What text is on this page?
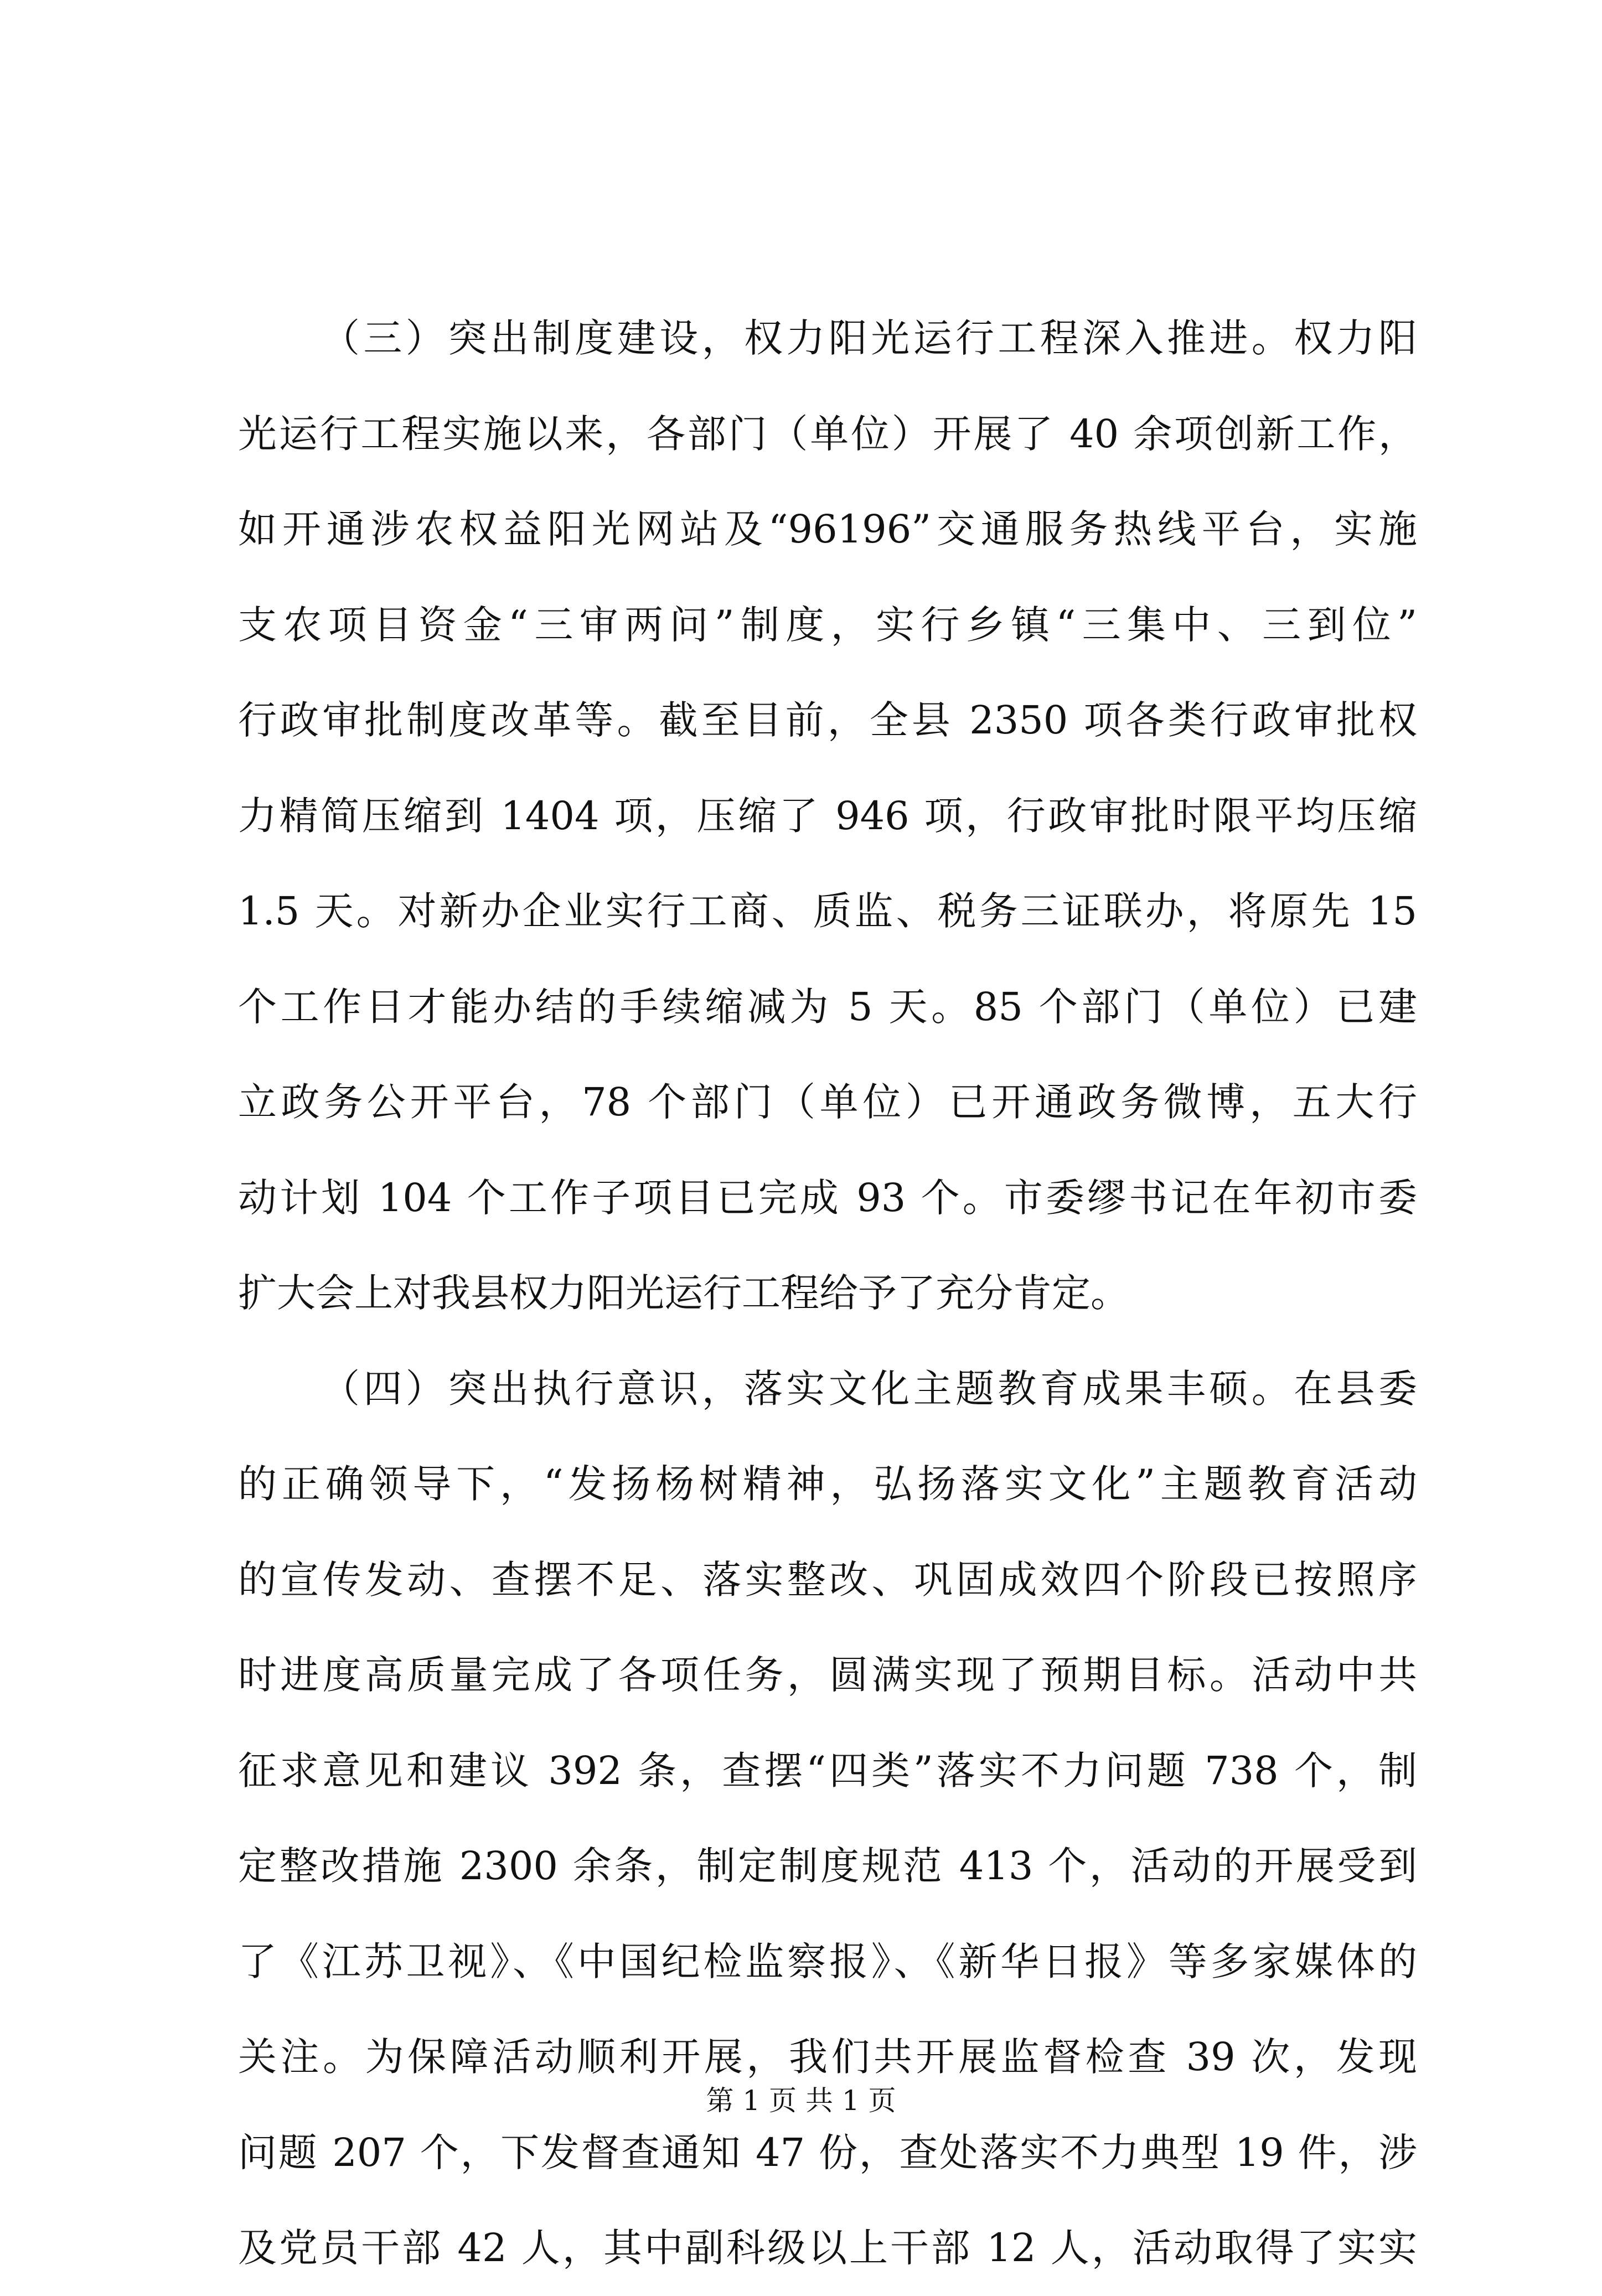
（三）突出制度建设，权力阳光运行工程深入推进。权力阳
光运行工程实施以来，各部门（单位）开展了 40 余项创新工作，
如开通涉农权益阳光网站及“96196”交通服务热线平台，实施
支农项目资金“三审两问”制度，实行乡镇“三集中、三到位”
行政审批制度改革等。截至目前，全县 2350 项各类行政审批权
力精简压缩到 1404 项，压缩了 946 项，行政审批时限平均压缩
1.5 天。对新办企业实行工商、质监、税务三证联办，将原先 15
个工作日才能办结的手续缩减为 5 天。85 个部门（单位）已建
立政务公开平台，78 个部门（单位）已开通政务微博，五大行
动计划 104 个工作子项目已完成 93 个。市委缪书记在年初市委
扩大会上对我县权力阳光运行工程给予了充分肯定。
（四）突出执行意识，落实文化主题教育成果丰硕。在县委
的正确领导下，“发扬杨树精神，弘扬落实文化”主题教育活动
的宣传发动、查摆不足、落实整改、巩固成效四个阶段已按照序
时进度高质量完成了各项任务，圆满实现了预期目标。活动中共
征求意见和建议 392 条，查摆“四类”落实不力问题 738 个，制
定整改措施 2300 余条，制定制度规范 413 个，活动的开展受到
了《江苏卫视》、《中国纪检监察报》、《新华日报》等多家媒体的
关注。为保障活动顺利开展，我们共开展监督检查 39 次，发现
问题 207 个，下发督查通知 47 份，查处落实不力典型 19 件，涉
及党员干部 42 人，其中副科级以上干部 12 人，活动取得了实实
第 1 页 共 1 页
